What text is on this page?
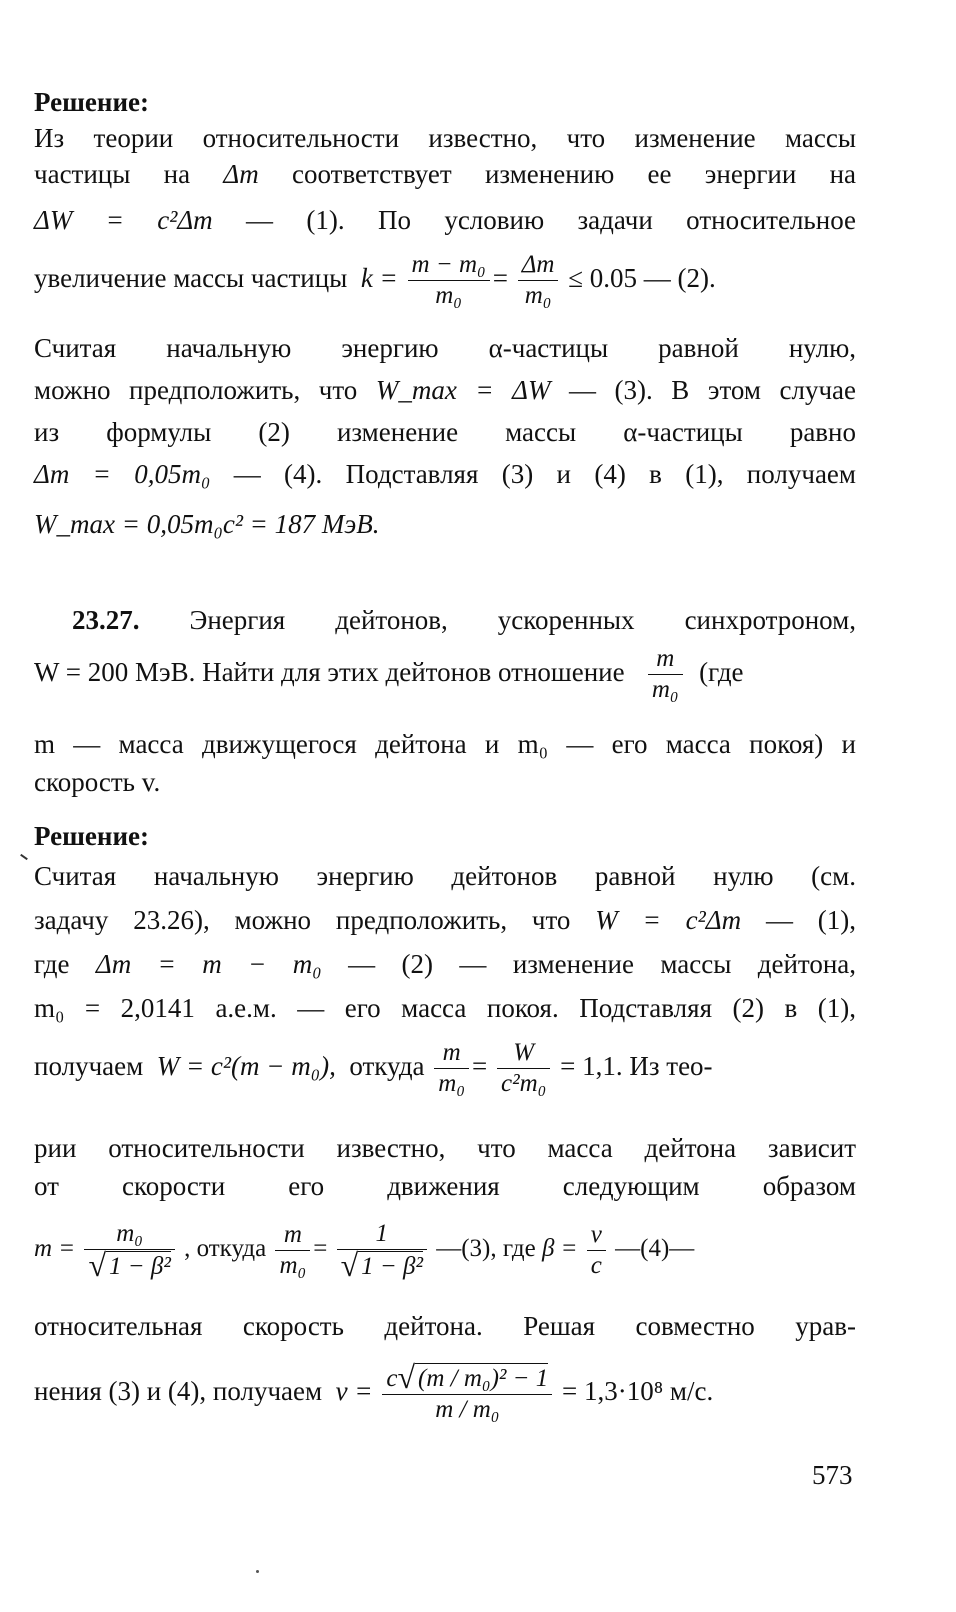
Решение:
Из теории относительности известно, что изменение массы
частицы на Δm соответствует изменению ее энергии на
ΔW = c²Δm — (1). По условию задачи относительное
увеличение массы частицы $k = \frac{\text{m − m₀}}{\text{m₀}} = \frac{\Delta m}{\text{m₀}} \le 0.05$ — (2).
Считая начальную энергию α-частицы равной нулю,
можно предположить, что W_max = ΔW — (3). В этом случае
из формулы (2) изменение массы α-частицы равно
Δm = 0,05m₀ — (4). Подставляя (3) и (4) в (1), получаем
W_max = 0,05m₀c² = 187 МэВ.
23.27. Энергия дейтонов, ускоренных синхротроном,
W = 200 МэВ. Найти для этих дейтонов отношение $\frac{m}{\text{m₀}} (где$
m — масса движущегося дейтона и m₀ — его масса покоя) и
скорость v.
Решение:
Считая начальную энергию дейтонов равной нулю (см.
задачу 23.26), можно предположить, что W = c²Δm — (1),
где Δm = m − m₀ — (2) — изменение массы дейтона,
m₀ = 2,0141 а.е.м. — его масса покоя. Подставляя (2) в (1),
получаем W = c²(m − m₀), откуда $\frac{m}{\text{m₀}} = \frac{W}{\text{c²m₀}} = 1,1$. Из тео-
рии относительности известно, что масса дейтона зависит
от скорости его движения следующим образом
$m = \frac{\text{m₀}}{\text{√ 1 − β²}}$ , откуда $\frac{m}{\text{m₀}} = \frac{1}{\text{√ 1 − β²}}$ —(3), где $\beta = \frac{v}{c}$ —(4)—
относительная скорость дейтона. Решая совместно урав-
нения (3) и (4), получаем $v = \frac{\text{c√ (m / m₀)² − 1}}{\text{m / m₀}} = 1,3\cdot 10^8$ м/с.
573
